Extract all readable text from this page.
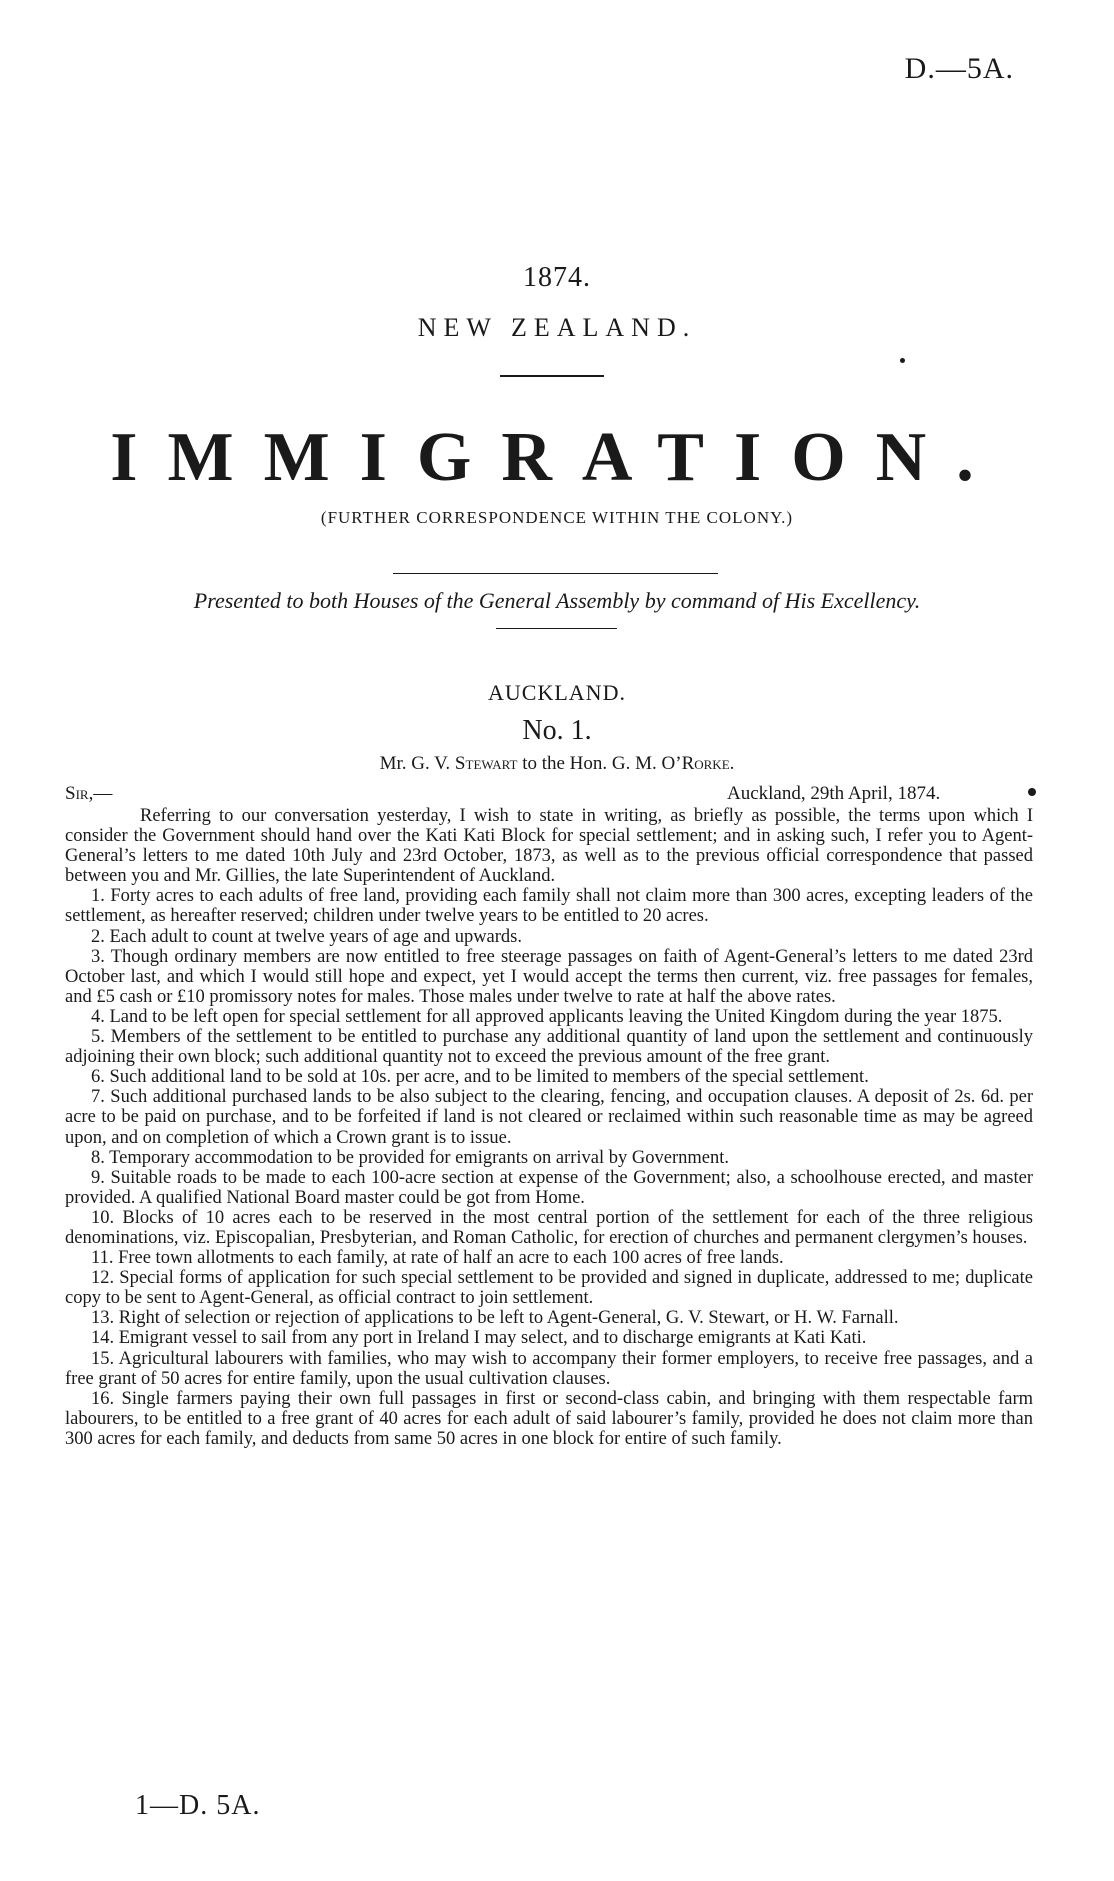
D.—5A.
1874.
NEW ZEALAND.
IMMIGRATION.
(FURTHER CORRESPONDENCE WITHIN THE COLONY.)
Presented to both Houses of the General Assembly by command of His Excellency.
AUCKLAND.
No. 1.
Mr. G. V. Stewart to the Hon. G. M. O’Rorke.
Sir,—	Auckland, 29th April, 1874.

Referring to our conversation yesterday, I wish to state in writing, as briefly as possible, the terms upon which I consider the Government should hand over the Kati Kati Block for special settlement; and in asking such, I refer you to Agent-General’s letters to me dated 10th July and 23rd October, 1873, as well as to the previous official correspondence that passed between you and Mr. Gillies, the late Superintendent of Auckland.

1. Forty acres to each adults of free land, providing each family shall not claim more than 300 acres, excepting leaders of the settlement, as hereafter reserved; children under twelve years to be entitled to 20 acres.

2. Each adult to count at twelve years of age and upwards.

3. Though ordinary members are now entitled to free steerage passages on faith of Agent-General’s letters to me dated 23rd October last, and which I would still hope and expect, yet I would accept the terms then current, viz. free passages for females, and £5 cash or £10 promissory notes for males. Those males under twelve to rate at half the above rates.

4. Land to be left open for special settlement for all approved applicants leaving the United Kingdom during the year 1875.

5. Members of the settlement to be entitled to purchase any additional quantity of land upon the settlement and continuously adjoining their own block; such additional quantity not to exceed the previous amount of the free grant.

6. Such additional land to be sold at 10s. per acre, and to be limited to members of the special settlement.

7. Such additional purchased lands to be also subject to the clearing, fencing, and occupation clauses. A deposit of 2s. 6d. per acre to be paid on purchase, and to be forfeited if land is not cleared or reclaimed within such reasonable time as may be agreed upon, and on completion of which a Crown grant is to issue.

8. Temporary accommodation to be provided for emigrants on arrival by Government.

9. Suitable roads to be made to each 100-acre section at expense of the Government; also, a schoolhouse erected, and master provided. A qualified National Board master could be got from Home.

10. Blocks of 10 acres each to be reserved in the most central portion of the settlement for each of the three religious denominations, viz. Episcopalian, Presbyterian, and Roman Catholic, for erection of churches and permanent clergymen’s houses.

11. Free town allotments to each family, at rate of half an acre to each 100 acres of free lands.

12. Special forms of application for such special settlement to be provided and signed in duplicate, addressed to me; duplicate copy to be sent to Agent-General, as official contract to join settlement.

13. Right of selection or rejection of applications to be left to Agent-General, G. V. Stewart, or H. W. Farnall.

14. Emigrant vessel to sail from any port in Ireland I may select, and to discharge emigrants at Kati Kati.

15. Agricultural labourers with families, who may wish to accompany their former employers, to receive free passages, and a free grant of 50 acres for entire family, upon the usual cultivation clauses.

16. Single farmers paying their own full passages in first or second-class cabin, and bringing with them respectable farm labourers, to be entitled to a free grant of 40 acres for each adult of said labourer’s family, provided he does not claim more than 300 acres for each family, and deducts from same 50 acres in one block for entire of such family.

1—D. 5A.
